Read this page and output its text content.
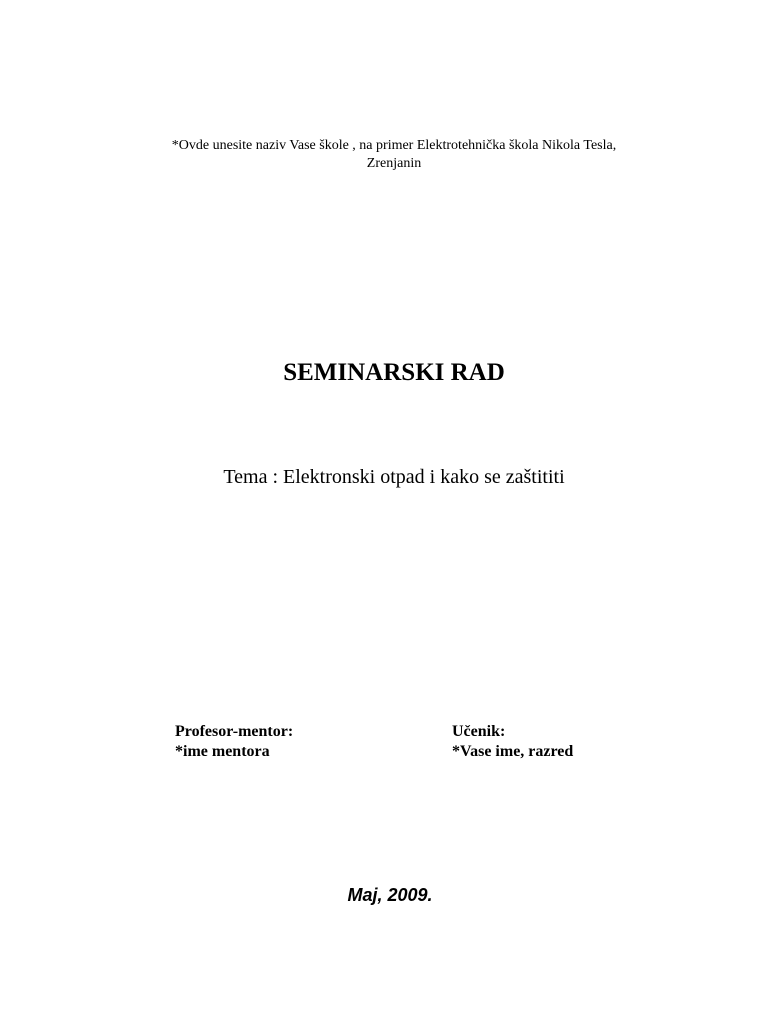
*Ovde unesite naziv Vase škole , na primer Elektrotehnička škola Nikola Tesla,
Zrenjanin
SEMINARSKI RAD
Tema : Elektronski otpad i kako se zaštititi
Profesor-mentor:
*ime mentora
Učenik:
*Vase ime, razred
Maj, 2009.
